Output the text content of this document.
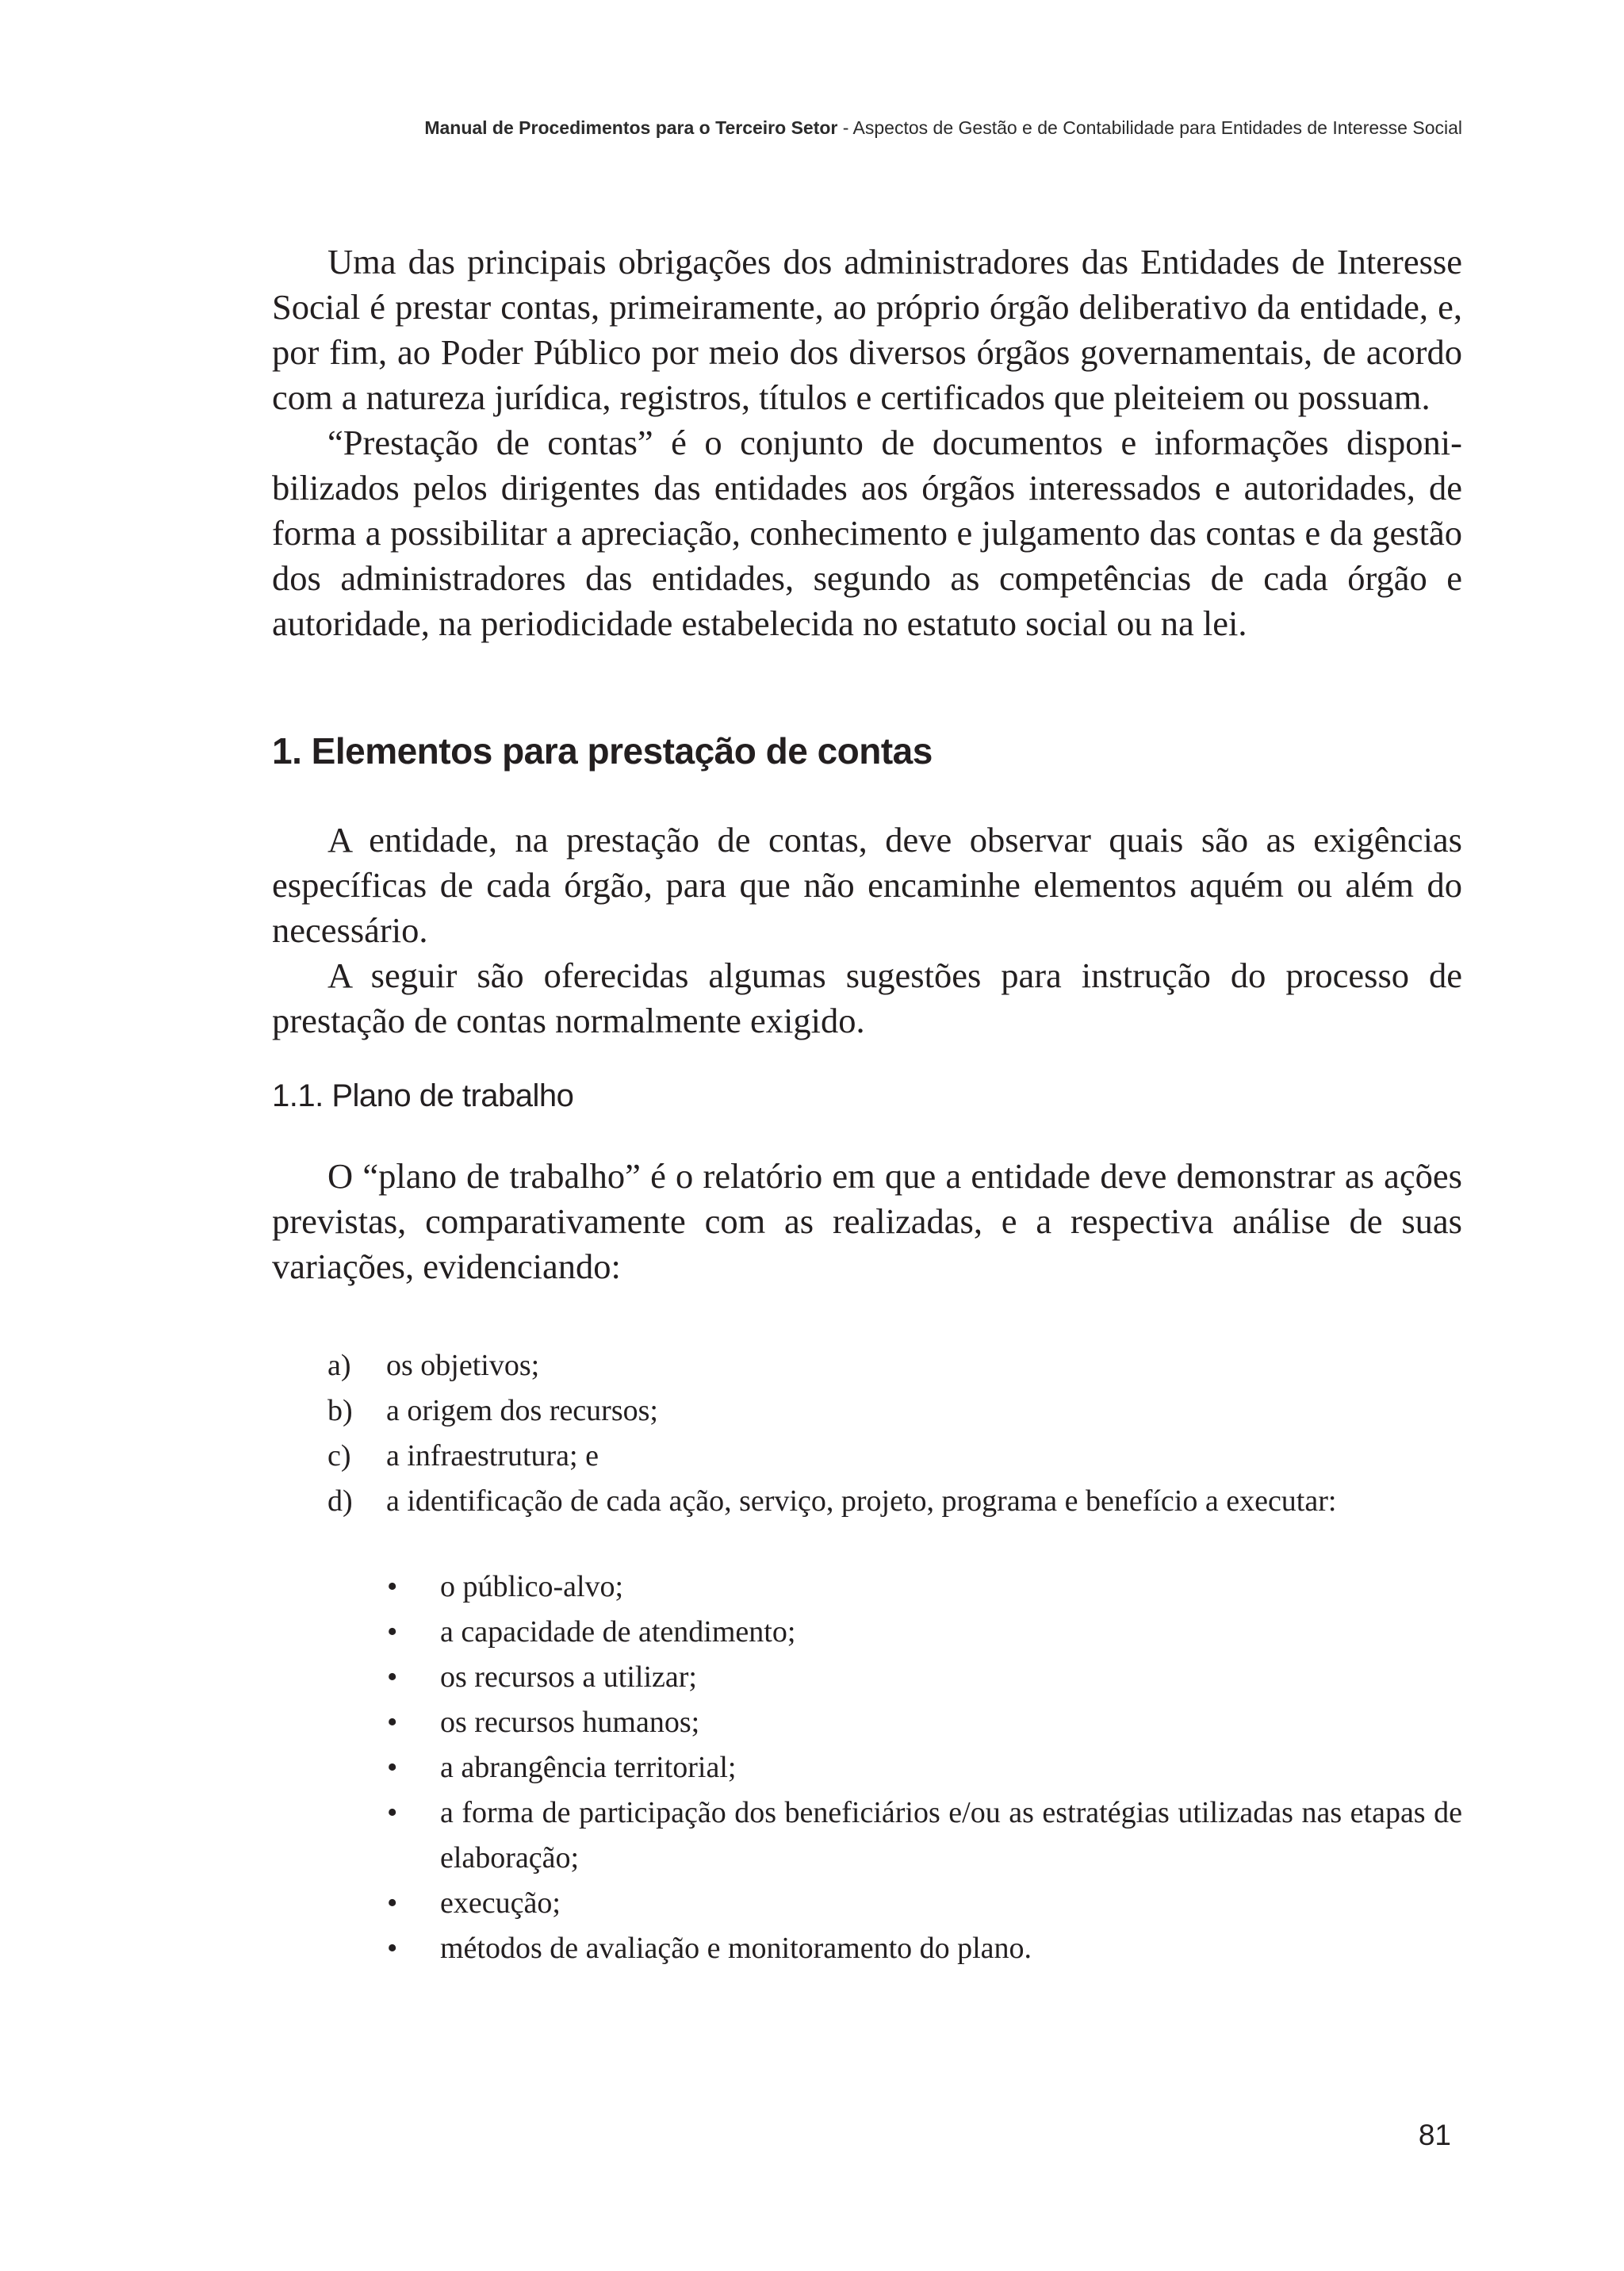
Manual de Procedimentos para o Terceiro Setor - Aspectos de Gestão e de Contabilidade para Entidades de Interesse Social

Uma das principais obrigações dos administradores das Entidades de Interesse Social é prestar contas, primeiramente, ao próprio órgão deliberativo da entidade, e, por fim, ao Poder Público por meio dos diversos órgãos governamentais, de acordo com a natureza jurídica, registros, títulos e certificados que pleiteiem ou possuam.

“Prestação de contas” é o conjunto de documentos e informações disponibilizados pelos dirigentes das entidades aos órgãos interessados e autoridades, de forma a possibilitar a apreciação, conhecimento e julgamento das contas e da gestão dos administradores das entidades, segundo as competências de cada órgão e autoridade, na periodicidade estabelecida no estatuto social ou na lei.

1. Elementos para prestação de contas

A entidade, na prestação de contas, deve observar quais são as exigências específicas de cada órgão, para que não encaminhe elementos aquém ou além do necessário.

A seguir são oferecidas algumas sugestões para instrução do processo de prestação de contas normalmente exigido.

1.1. Plano de trabalho

O “plano de trabalho” é o relatório em que a entidade deve demonstrar as ações previstas, comparativamente com as realizadas, e a respectiva análise de suas variações, evidenciando:

a) os objetivos;
b) a origem dos recursos;
c) a infraestrutura; e
d) a identificação de cada ação, serviço, projeto, programa e benefício a executar:
• o público-alvo;
• a capacidade de atendimento;
• os recursos a utilizar;
• os recursos humanos;
• a abrangência territorial;
• a forma de participação dos beneficiários e/ou as estratégias utilizadas nas etapas de elaboração;
• execução;
• métodos de avaliação e monitoramento do plano.
81
